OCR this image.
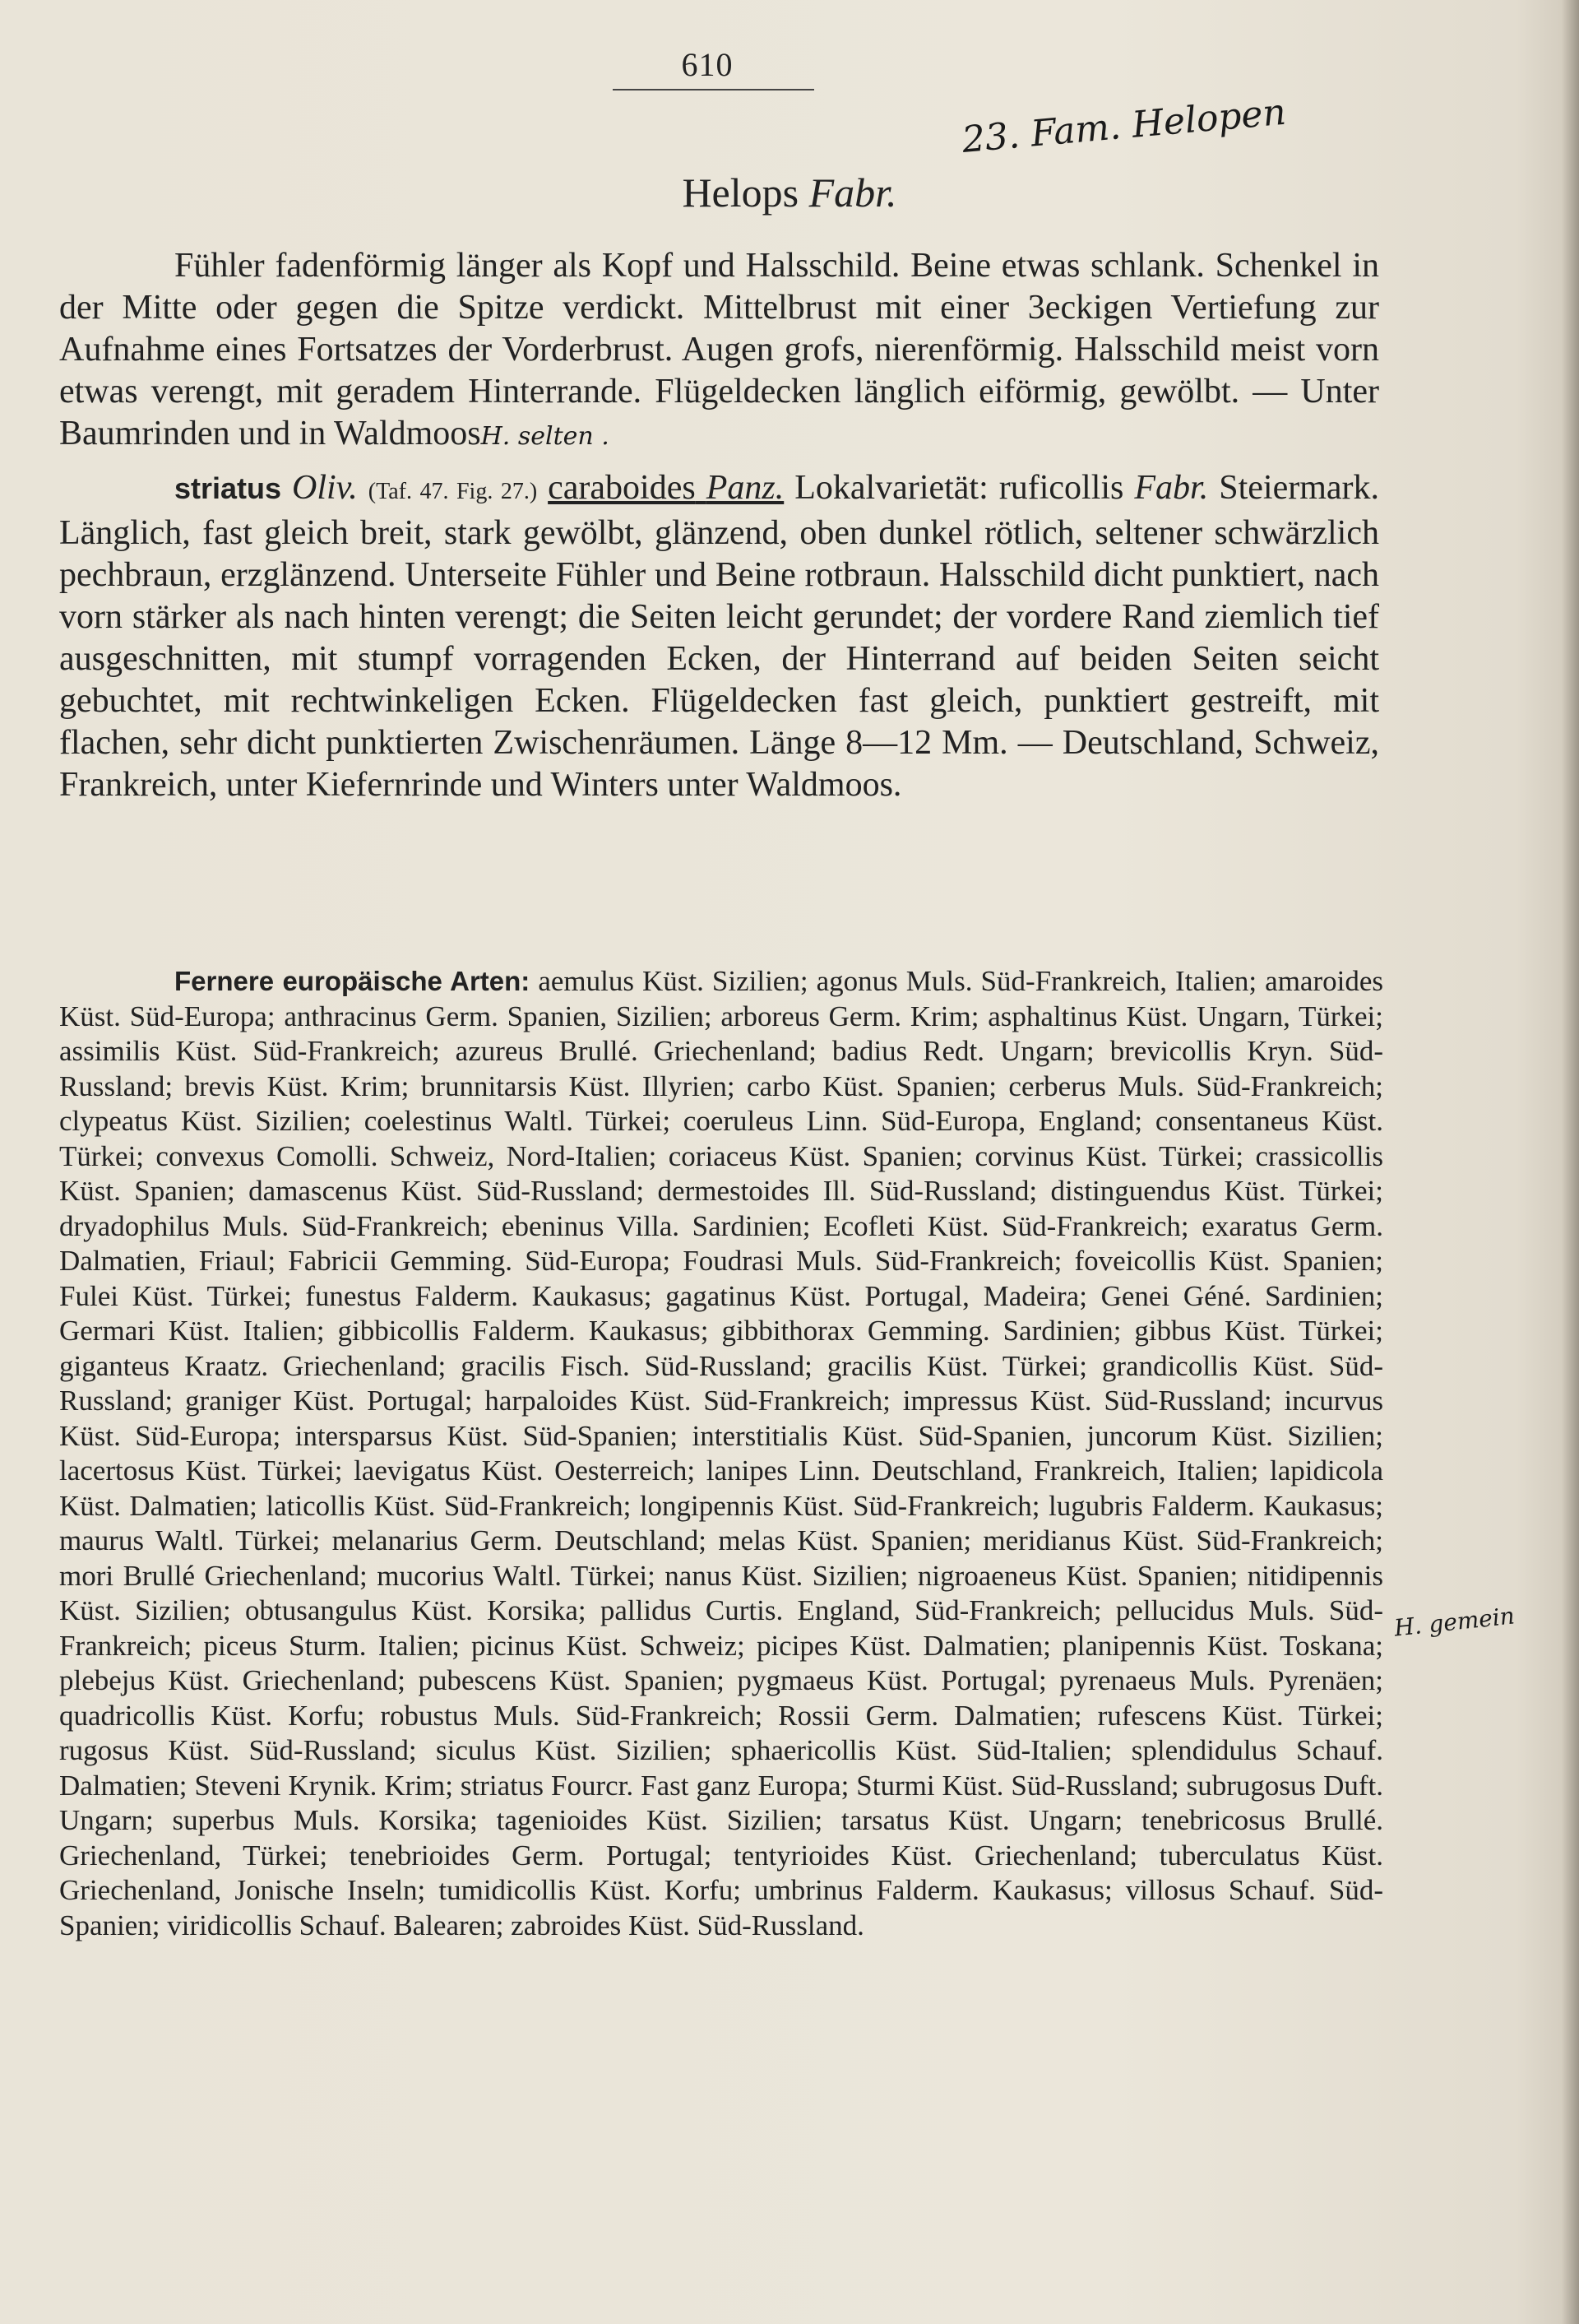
610
Helops Fabr.
23. Fam. Helopen

Fühler fadenförmig länger als Kopf und Halsschild. Beine etwas schlank. Schenkel in der Mitte oder gegen die Spitze verdickt. Mittelbrust mit einer 3eckigen Vertiefung zur Aufnahme eines Fortsatzes der Vorderbrust. Augen grofs, nierenförmig. Halsschild meist vorn etwas verengt, mit geradem Hinterrande. Flügeldecken länglich eiförmig, gewölbt. — Unter Baumrinden und in WaldmoosH. selten .

striatus Oliv. (Taf. 47. Fig. 27.) caraboides Panz. Lokalvarietät: ruficollis Fabr. Steiermark. Länglich, fast gleich breit, stark gewölbt, glänzend, oben dunkel rötlich, seltener schwärzlich pechbraun, erzglänzend. Unterseite Fühler und Beine rotbraun. Halsschild dicht punktiert, nach vorn stärker als nach hinten verengt; die Seiten leicht gerundet; der vordere Rand ziemlich tief ausgeschnitten, mit stumpf vorragenden Ecken, der Hinterrand auf beiden Seiten seicht gebuchtet, mit rechtwinkeligen Ecken. Flügeldecken fast gleich, punktiert gestreift, mit flachen, sehr dicht punktierten Zwischenräumen. Länge 8—12 Mm. — Deutschland, Schweiz, Frankreich, unter Kiefernrinde und Winters unter Waldmoos.

Fernere europäische Arten: aemulus Küst. Sizilien; agonus Muls. Süd-Frankreich, Italien; amaroides Küst. Süd-Europa; anthracinus Germ. Spanien, Sizilien; arboreus Germ. Krim; asphaltinus Küst. Ungarn, Türkei; assimilis Küst. Süd-Frankreich; azureus Brullé. Griechenland; badius Redt. Ungarn; brevicollis Kryn. Süd-Russland; brevis Küst. Krim; brunnitarsis Küst. Illyrien; carbo Küst. Spanien; cerberus Muls. Süd-Frankreich; clypeatus Küst. Sizilien; coelestinus Waltl. Türkei; coeruleus Linn. Süd-Europa, England; consentaneus Küst. Türkei; convexus Comolli. Schweiz, Nord-Italien; coriaceus Küst. Spanien; corvinus Küst. Türkei; crassicollis Küst. Spanien; damascenus Küst. Süd-Russland; dermestoides Ill. Süd-Russland; distinguendus Küst. Türkei; dryadophilus Muls. Süd-Frankreich; ebeninus Villa. Sardinien; Ecofleti Küst. Süd-Frankreich; exaratus Germ. Dalmatien, Friaul; Fabricii Gemming. Süd-Europa; Foudrasi Muls. Süd-Frankreich; foveicollis Küst. Spanien; Fulei Küst. Türkei; funestus Falderm. Kaukasus; gagatinus Küst. Portugal, Madeira; Genei Géné. Sardinien; Germari Küst. Italien; gibbicollis Falderm. Kaukasus; gibbithorax Gemming. Sardinien; gibbus Küst. Türkei; giganteus Kraatz. Griechenland; gracilis Fisch. Süd-Russland; gracilis Küst. Türkei; grandicollis Küst. Süd-Russland; graniger Küst. Portugal; harpaloides Küst. Süd-Frankreich; impressus Küst. Süd-Russland; incurvus Küst. Süd-Europa; intersparsus Küst. Süd-Spanien; interstitialis Küst. Süd-Spanien, juncorum Küst. Sizilien; lacertosus Küst. Türkei; laevigatus Küst. Oesterreich; lanipes Linn. Deutschland, Frankreich, Italien; lapidicola Küst. Dalmatien; laticollis Küst. Süd-Frankreich; longipennis Küst. Süd-Frankreich; lugubris Falderm. Kaukasus; maurus Waltl. Türkei; melanarius Germ. Deutschland; melas Küst. Spanien; meridianus Küst. Süd-Frankreich; mori Brullé Griechenland; mucorius Waltl. Türkei; nanus Küst. Sizilien; nigroaeneus Küst. Spanien; nitidipennis Küst. Sizilien; obtusangulus Küst. Korsika; pallidus Curtis. England, Süd-Frankreich; pellucidus Muls. Süd-Frankreich; piceus Sturm. Italien; picinus Küst. Schweiz; picipes Küst. Dalmatien; planipennis Küst. Toskana; plebejus Küst. Griechenland; pubescens Küst. Spanien; pygmaeus Küst. Portugal; pyrenaeus Muls. Pyrenäen; quadricollis Küst. Korfu; robustus Muls. Süd-Frankreich; Rossii Germ. Dalmatien; rufescens Küst. Türkei; rugosus Küst. Süd-Russland; siculus Küst. Sizilien; sphaericollis Küst. Süd-Italien; splendidulus Schauf. Dalmatien; Steveni Krynik. Krim; striatus Fourcr. Fast ganz Europa; Sturmi Küst. Süd-Russland; subrugosus Duft. Ungarn; superbus Muls. Korsika; tagenioides Küst. Sizilien; tarsatus Küst. Ungarn; tenebricosus Brullé. Griechenland, Türkei; tenebrioides Germ. Portugal; tentyrioides Küst. Griechenland; tuberculatus Küst. Griechenland, Jonische Inseln; tumidicollis Küst. Korfu; umbrinus Falderm. Kaukasus; villosus Schauf. Süd-Spanien; viridicollis Schauf. Balearen; zabroides Küst. Süd-Russland.

H. gemein
